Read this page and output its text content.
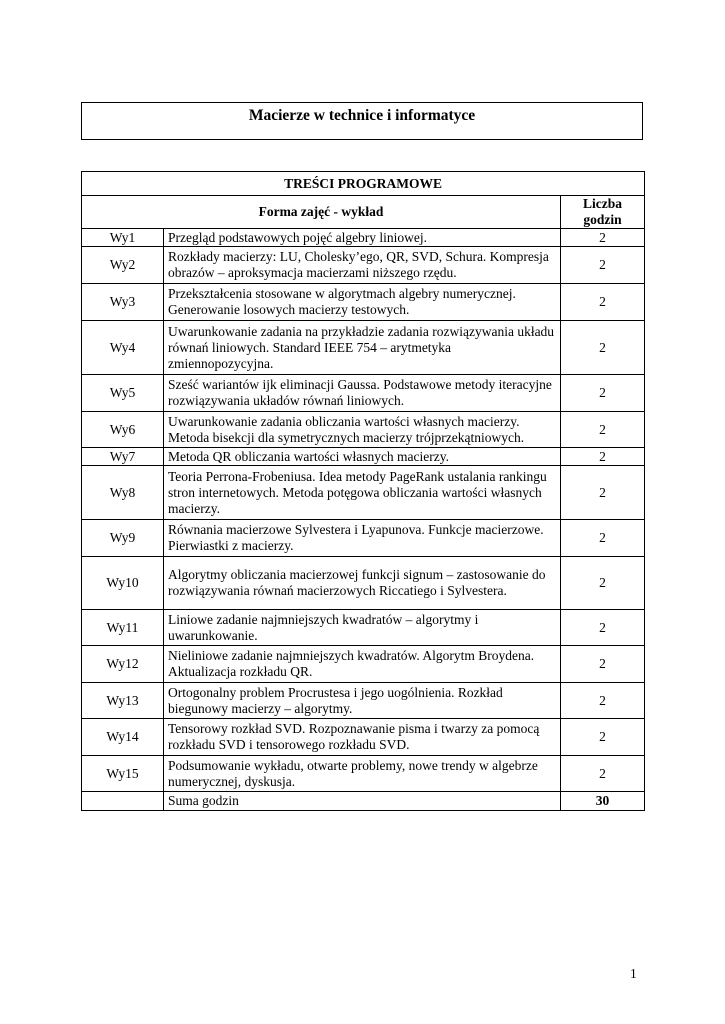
Macierze w technice i informatyce
TREŚCI PROGRAMOWE		
Forma zajęć - wykład		Liczba godzin
Wy1	Przegląd podstawowych pojęć algebry liniowej.	2
Wy2	Rozkłady macierzy: LU, Cholesky’ego, QR, SVD, Schura. Kompresja obrazów – aproksymacja macierzami niższego rzędu.	2
Wy3	Przekształcenia stosowane w algorytmach algebry numerycznej. Generowanie losowych macierzy testowych.	2
Wy4	Uwarunkowanie zadania na przykładzie zadania rozwiązywania układu równań liniowych. Standard IEEE 754 – arytmetyka zmiennopozycyjna.	2
Wy5	Sześć wariantów ijk eliminacji Gaussa. Podstawowe metody iteracyjne rozwiązywania układów równań liniowych.	2
Wy6	Uwarunkowanie zadania obliczania wartości własnych macierzy. Metoda bisekcji dla symetrycznych macierzy trójprzekątniowych.	2
Wy7	Metoda QR obliczania wartości własnych macierzy.	2
Wy8	Teoria Perrona-Frobeniusa. Idea metody PageRank ustalania rankingu stron internetowych. Metoda potęgowa obliczania wartości własnych macierzy.	2
Wy9	Równania macierzowe Sylvestera i Lyapunova. Funkcje macierzowe. Pierwiastki z macierzy.	2
Wy10	Algorytmy obliczania macierzowej funkcji signum – zastosowanie do rozwiązywania równań macierzowych Riccatiego i Sylvestera.	2
Wy11	Liniowe zadanie najmniejszych kwadratów – algorytmy i uwarunkowanie.	2
Wy12	Nieliniowe zadanie najmniejszych kwadratów. Algorytm Broydena. Aktualizacja rozkładu QR.	2
Wy13	Ortogonalny problem Procrustesa i jego uogólnienia. Rozkład biegunowy macierzy – algorytmy.	2
Wy14	Tensorowy rozkład SVD. Rozpoznawanie pisma i twarzy za pomocą rozkładu SVD i tensorowego rozkładu SVD.	2
Wy15	Podsumowanie wykładu, otwarte problemy, nowe trendy w algebrze numerycznej, dyskusja.	2
	Suma godzin	30
1
